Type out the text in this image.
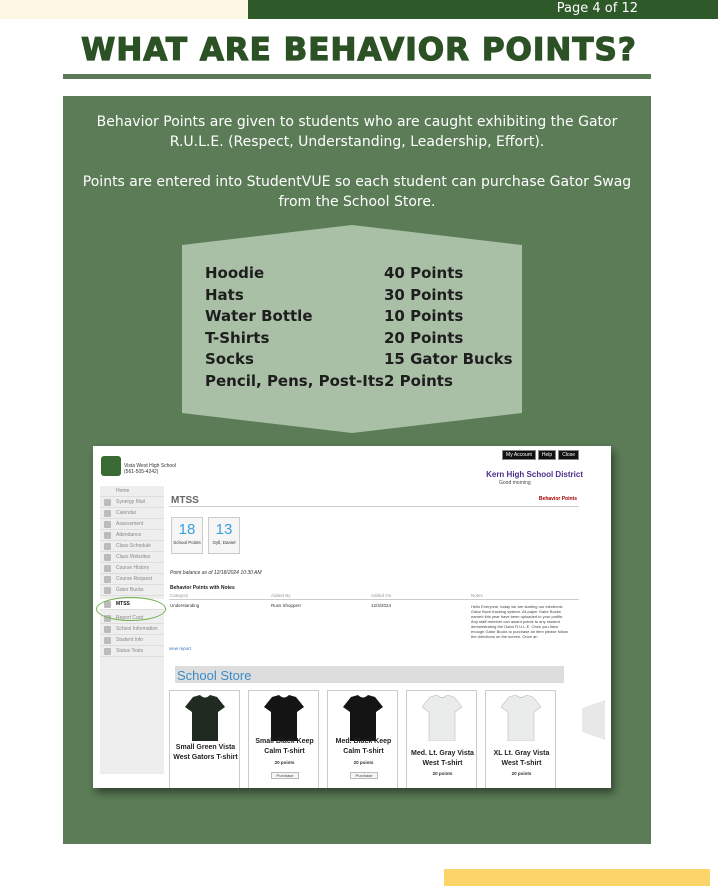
Page 4 of 12
WHAT ARE BEHAVIOR POINTS?
Behavior Points are given to students who are caught exhibiting the Gator R.U.L.E. (Respect, Understanding, Leadership, Effort).
Points are entered into StudentVUE so each student can purchase Gator Swag from the School Store.
Hoodie	40 Points
Hats	30 Points
Water Bottle	10 Points
T-Shirts	20 Points
Socks	15 Gator Bucks
Pencil, Pens, Post-Its 2 Points
Vista West High School
(561-505-4242)
My Account	Help	Close
Kern High School District
Good morning
Home
Synergy Mail
Calendar
Assessment
Attendance
Class Schedule
Class Websites
Course History
Course Request
Gator Bucks
MTSS
Report Card
School Information
Student Info
Status Tests
MTSS	Behavior Points
18
School Points
13
Gyll, Daniel
Point balance as of 12/18/2024 10:30 AM
Behavior Points with Notes
Category	Added By	Added On	Notes
Understanding	Russ Shoppert	12/3/2024	Hello Everyone, today we are starting our electronic Gator Buck tracking system. All paper Gator Bucks earned this year have been uploaded to your profile. Any staff member can award points to any student demonstrating the Gator R.U.L.E. Once you have enough Gator Bucks to purchase an item please follow the directions on the screen. Once an
view report
School Store
Small Green Vista West Gators T-shirt
Small Black Keep Calm T-shirt
20 points
Purchase
Med. Black Keep Calm T-shirt
20 points
Purchase
Med. Lt. Gray Vista West T-shirt
20 points
XL Lt. Gray Vista West T-shirt
20 points
